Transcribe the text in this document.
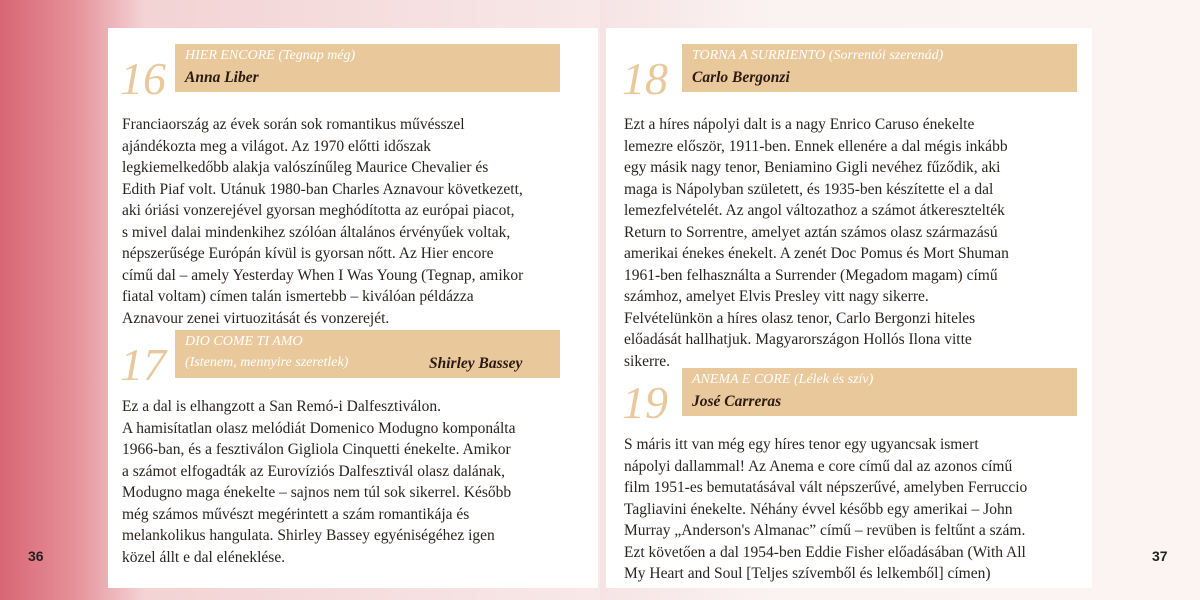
16 HIER ENCORE (Tegnap még)
Anna Liber

Franciaország az évek során sok romantikus művésszel

ajándékozta meg a világot. Az 1970 előtti időszak

legkiemelkedőbb alakja valószínűleg Maurice Chevalier és

Edith Piaf volt. Utánuk 1980-ban Charles Aznavour következett,

aki óriási vonzerejével gyorsan meghódította az európai piacot,

s mivel dalai mindenkihez szólóan általános érvényűek voltak,

népszerűsége Európán kívül is gyorsan nőtt. Az Hier encore

című dal – amely Yesterday When I Was Young (Tegnap, amikor

fiatal voltam) címen talán ismertebb – kiválóan példázza

Aznavour zenei virtuozitását és vonzerejét.

17 DIO COME TI AMO
(Istenem, mennyire szeretlek)	Shirley Bassey

Ez a dal is elhangzott a San Remó-i Dalfesztiválon.

A hamisítatlan olasz melódiát Domenico Modugno komponálta

1966-ban, és a fesztiválon Gigliola Cinquetti énekelte. Amikor

a számot elfogadták az Eurovíziós Dalfesztivál olasz dalának,

Modugno maga énekelte – sajnos nem túl sok sikerrel. Később

még számos művészt megérintett a szám romantikája és

melankolikus hangulata. Shirley Bassey egyéniségéhez igen

közel állt e dal eléneklése.

18 TORNA A SURRIENTO (Sorrentói szerenád)
Carlo Bergonzi

Ezt a híres nápolyi dalt is a nagy Enrico Caruso énekelte

lemezre először, 1911-ben. Ennek ellenére a dal mégis inkább

egy másik nagy tenor, Beniamino Gigli nevéhez fűződik, aki

maga is Nápolyban született, és 1935-ben készítette el a dal

lemezfelvételét. Az angol változathoz a számot átkeresztelték

Return to Sorrentre, amelyet aztán számos olasz származású

amerikai énekes énekelt. A zenét Doc Pomus és Mort Shuman

1961-ben felhasználta a Surrender (Megadom magam) című

számhoz, amelyet Elvis Presley vitt nagy sikerre.

Felvételünkön a híres olasz tenor, Carlo Bergonzi hiteles

előadását hallhatjuk. Magyarországon Hollós Ilona vitte

sikerre.

19 ANEMA E CORE (Lélek és szív)
José Carreras

S máris itt van még egy híres tenor egy ugyancsak ismert

nápolyi dallammal! Az Anema e core című dal az azonos című

film 1951-es bemutatásával vált népszerűvé, amelyben Ferruccio

Tagliavini énekelte. Néhány évvel később egy amerikai – John

Murray „Anderson's Almanac” című – revüben is feltűnt a szám.

Ezt követően a dal 1954-ben Eddie Fisher előadásában (With All

My Heart and Soul [Teljes szívemből és lelkemből] címen)

36	37
